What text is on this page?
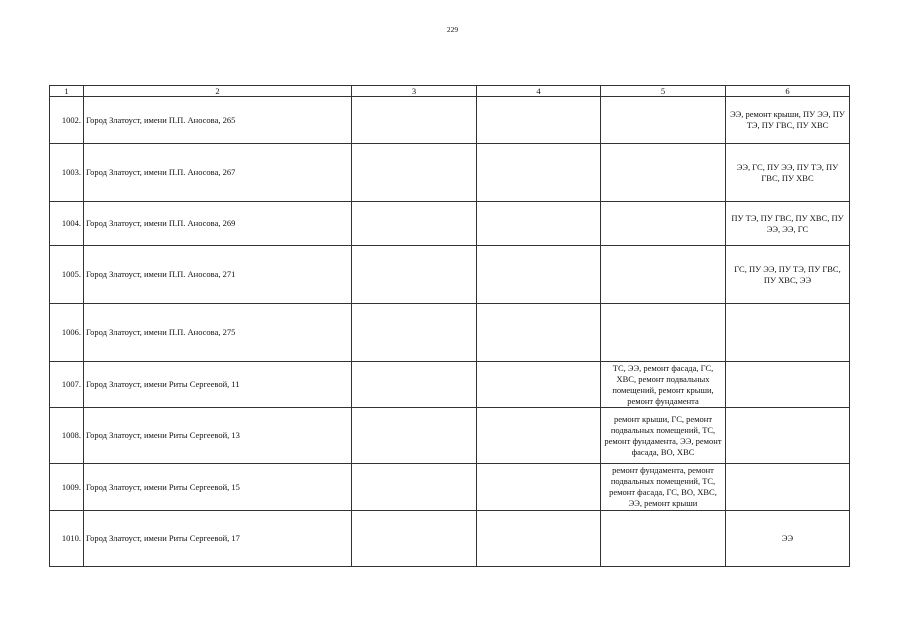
229
1	2	3	4	5	6
1002.	Город Златоуст, имени П.П. Аносова, 265				ЭЭ, ремонт крыши, ПУ ЭЭ, ПУ ТЭ, ПУ ГВС, ПУ ХВС
1003.	Город Златоуст, имени П.П. Аносова, 267				ЭЭ, ГС, ПУ ЭЭ, ПУ ТЭ, ПУ ГВС, ПУ ХВС
1004.	Город Златоуст, имени П.П. Аносова, 269				ПУ ТЭ, ПУ ГВС, ПУ ХВС, ПУ ЭЭ, ЭЭ, ГС
1005.	Город Златоуст, имени П.П. Аносова, 271				ГС, ПУ ЭЭ, ПУ ТЭ, ПУ ГВС, ПУ ХВС, ЭЭ
1006.	Город Златоуст, имени П.П. Аносова, 275				
1007.	Город Златоуст, имени Риты Сергеевой, 11			ТС, ЭЭ, ремонт фасада, ГС, ХВС, ремонт подвальных помещений, ремонт крыши, ремонт фундамента	
1008.	Город Златоуст, имени Риты Сергеевой, 13			ремонт крыши, ГС, ремонт подвальных помещений, ТС, ремонт фундамента, ЭЭ, ремонт фасада, ВО, ХВС	
1009.	Город Златоуст, имени Риты Сергеевой, 15			ремонт фундамента, ремонт подвальных помещений, ТС, ремонт фасада, ГС, ВО, ХВС, ЭЭ, ремонт крыши	
1010.	Город Златоуст, имени Риты Сергеевой, 17				ЭЭ
